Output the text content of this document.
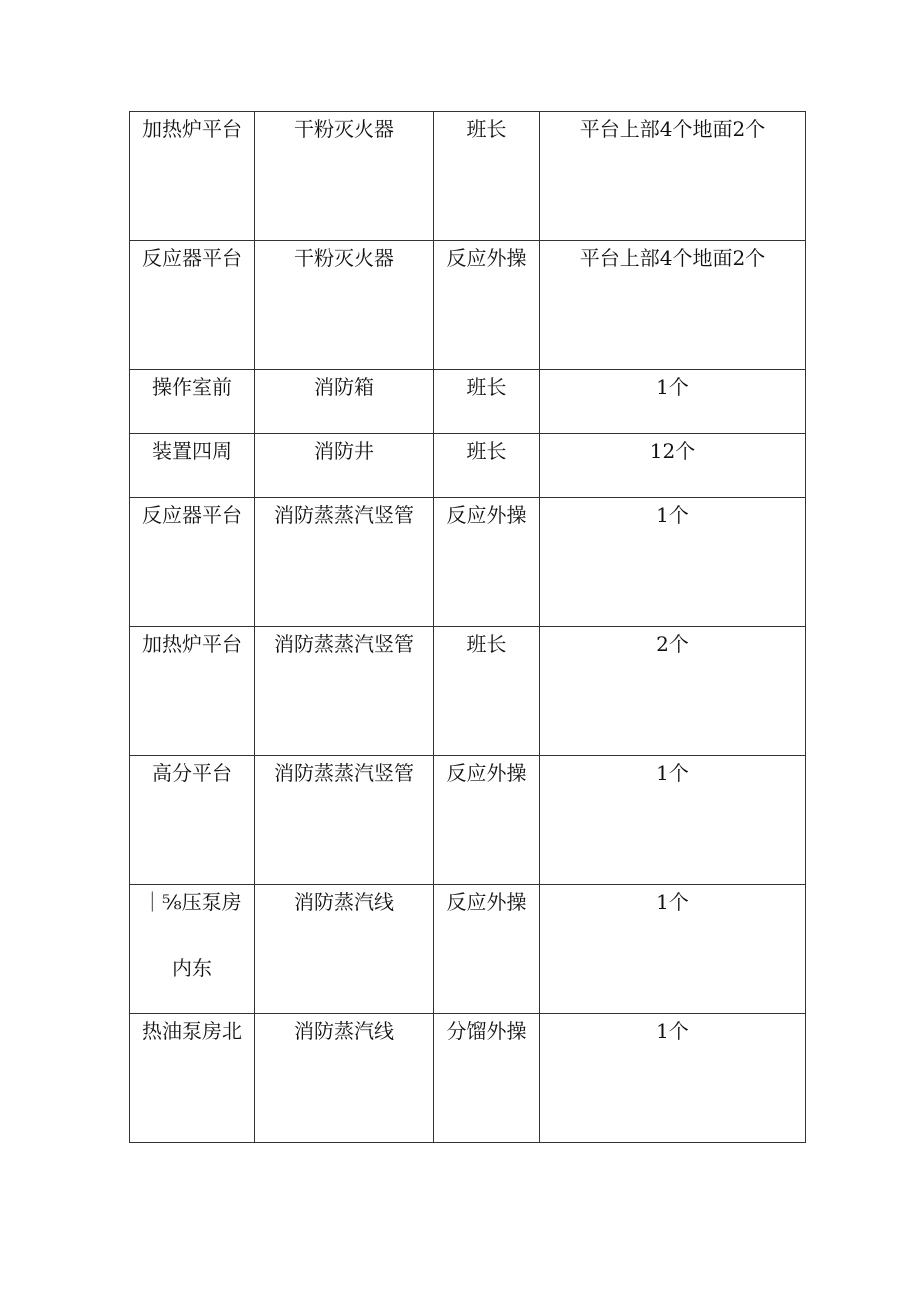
加热炉平台	干粉灭火器	班长	平台上部4个地面2个

反应器平台	干粉灭火器	反应外操	平台上部4个地面2个

操作室前	消防箱	班长	1个

装置四周	消防井	班长	12个

反应器平台	消防蒸蒸汽竖管	反应外操	1个

加热炉平台	消防蒸蒸汽竖管	班长	2个

高分平台	消防蒸蒸汽竖管	反应外操	1个

｜⅝压泵房内东	消防蒸汽线	反应外操	1个

热油泵房北	消防蒸汽线	分馏外操	1个
